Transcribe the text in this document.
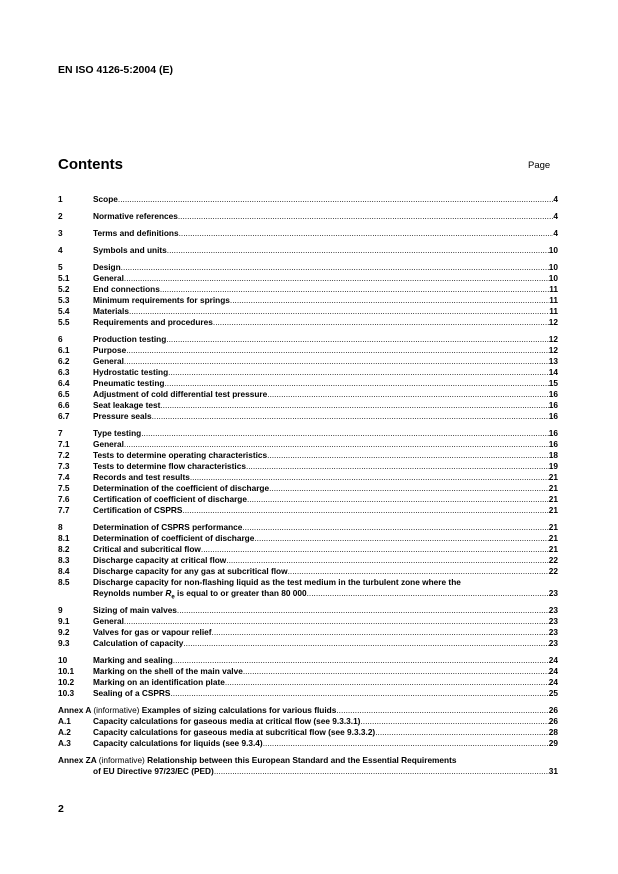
EN ISO 4126-5:2004 (E)
Contents	Page
1	Scope .....	4
2	Normative references .....	4
3	Terms and definitions .....	4
4	Symbols and units .....	10
5	Design .....	10
5.1	General .....	10
5.2	End connections .....	11
5.3	Minimum requirements for springs .....	11
5.4	Materials .....	11
5.5	Requirements and procedures .....	12
6	Production testing .....	12
6.1	Purpose .....	12
6.2	General .....	13
6.3	Hydrostatic testing .....	14
6.4	Pneumatic testing .....	15
6.5	Adjustment of cold differential test pressure .....	16
6.6	Seat leakage test .....	16
6.7	Pressure seals .....	16
7	Type testing .....	16
7.1	General .....	16
7.2	Tests to determine operating characteristics .....	18
7.3	Tests to determine flow characteristics .....	19
7.4	Records and test results .....	21
7.5	Determination of the coefficient of discharge .....	21
7.6	Certification of coefficient of discharge .....	21
7.7	Certification of CSPRS .....	21
8	Determination of CSPRS performance .....	21
8.1	Determination of coefficient of discharge .....	21
8.2	Critical and subcritical flow .....	21
8.3	Discharge capacity at critical flow .....	22
8.4	Discharge capacity for any gas at subcritical flow .....	22
8.5	Discharge capacity for non-flashing liquid as the test medium in the turbulent zone where the
Reynolds number $R_e$ is equal to or greater than 80 000 .....	23
9	Sizing of main valves .....	23
9.1	General .....	23
9.2	Valves for gas or vapour relief .....	23
9.3	Calculation of capacity .....	23
10	Marking and sealing .....	24
10.1	Marking on the shell of the main valve .....	24
10.2	Marking on an identification plate .....	24
10.3	Sealing of a CSPRS .....	25
Annex A (informative) Examples of sizing calculations for various fluids .....	26
A.1	Capacity calculations for gaseous media at critical flow (see 9.3.3.1) .....	26
A.2	Capacity calculations for gaseous media at subcritical flow (see 9.3.3.2) .....	28
A.3	Capacity calculations for liquids (see 9.3.4) .....	29
Annex ZA (informative) Relationship between this European Standard and the Essential Requirements
of EU Directive 97/23/EC (PED) .....	31
2
